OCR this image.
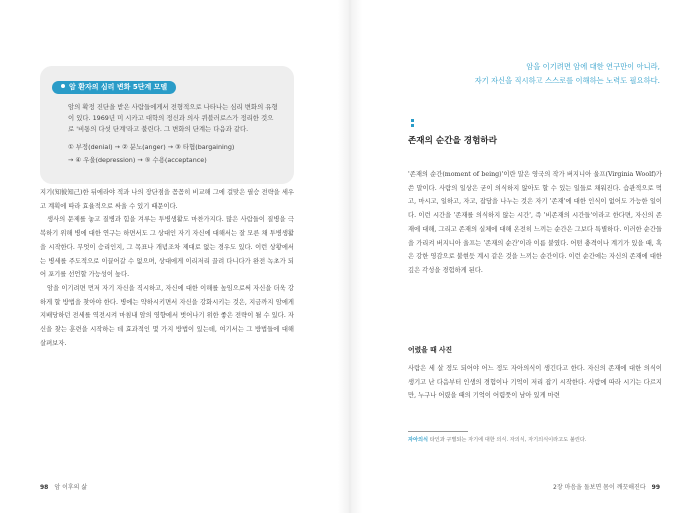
암 환자의 심리 변화 5단계 모델
암의 확정 진단을 받은 사람들에게서 전형적으로 나타나는 심리 변화의 유형이 있다. 1969년 미 시카고 대학의 정신과 의사 퀴블러로스가 정리한 것으로 '비통의 다섯 단계'라고 불린다. 그 변화의 단계는 다음과 같다.
① 부정(denial) → ② 분노(anger) → ③ 타협(bargaining)
→ ④ 우울(depression) → ⑤ 수용(acceptance)

지기(知彼知己)한 뒤에라야 적과 나의 장단점을 꼼꼼히 비교해 그에 걸맞은 필승 전략을 세우고 계획에 따라 효율적으로 싸울 수 있기 때문이다.

생사의 문제를 놓고 질병과 힘을 겨루는 투병생활도 마찬가지다. 많은 사람들이 질병을 극복하기 위해 병에 대한 연구는 하면서도 그 상대인 자기 자신에 대해서는 잘 모른 채 투병생활을 시작한다. 무엇이 승리인지, 그 목표나 개념조차 제대로 없는 경우도 있다. 이런 상황에서는 병세를 주도적으로 이끌어갈 수 없으며, 상대에게 이리저리 끌려 다니다가 완전 녹초가 되어 포기를 선언할 가능성이 높다.

암을 이기려면 먼저 자기 자신을 직시하고, 자신에 대한 이해를 높임으로써 자신을 더욱 강하게 할 방법을 찾아야 한다. 병에는 약하시키면서 자신을 강화시키는 것은, 지금까지 암에게 지배당하던 전세를 역전시켜 마침내 암의 영향에서 벗어나기 위한 좋은 전략이 될 수 있다. 자신을 찾는 훈련을 시작하는 데 효과적인 몇 가지 방법이 있는데, 여기서는 그 방법들에 대해 살펴보자.

98 암 이후의 삶

암을 이기려면 암에 대한 연구만이 아니라,

자기 자신을 직시하고 스스로를 이해하는 노력도 필요하다.

존재의 순간을 경험하라

'존재의 순간(moment of being)'이란 말은 영국의 작가 버지니아 울프(Virginia Woolf)가 쓴 말이다. 사람의 일상은 굳이 의식하지 않아도 할 수 있는 일들로 채워진다. 습관적으로 먹고, 마시고, 일하고, 자고, 잡담을 나누는 것은 자기 '존재'에 대한 인식이 없어도 가능한 일이다. 이런 시간을 '존재를 의식하지 않는 시간', 즉 '비존재의 시간들'이라고 한다면, 자신의 존재에 대해, 그리고 존재의 실체에 대해 온전히 느끼는 순간은 그보다 특별하다. 이러한 순간들을 가리켜 버지니아 울프는 '존재의 순간'이라 이름 붙였다. 어떤 충격이나 계기가 있을 때, 혹은 강한 영감으로 불현듯 계시 같은 것을 느끼는 순간이다. 이런 순간에는 자신의 존재에 대한 깊은 각성을 경험하게 된다.

어렸을 때 사진

사람은 세 살 정도 되어야 어느 정도 자아의식이 생긴다고 한다. 자신의 존재에 대한 의식이 생기고 난 다음부터 인생의 경험이나 기억이 저리 잡기 시작한다. 사람에 따라 시기는 다르지만, 누구나 어렸을 때의 기억이 어렴풋이 남아 있게 마련

자아의식 타인과 구별되는 자기에 대한 의식. 자의식, 자기의식이라고도 불린다.
2장 마음을 돌보면 몸이 깨끗해진다 99
